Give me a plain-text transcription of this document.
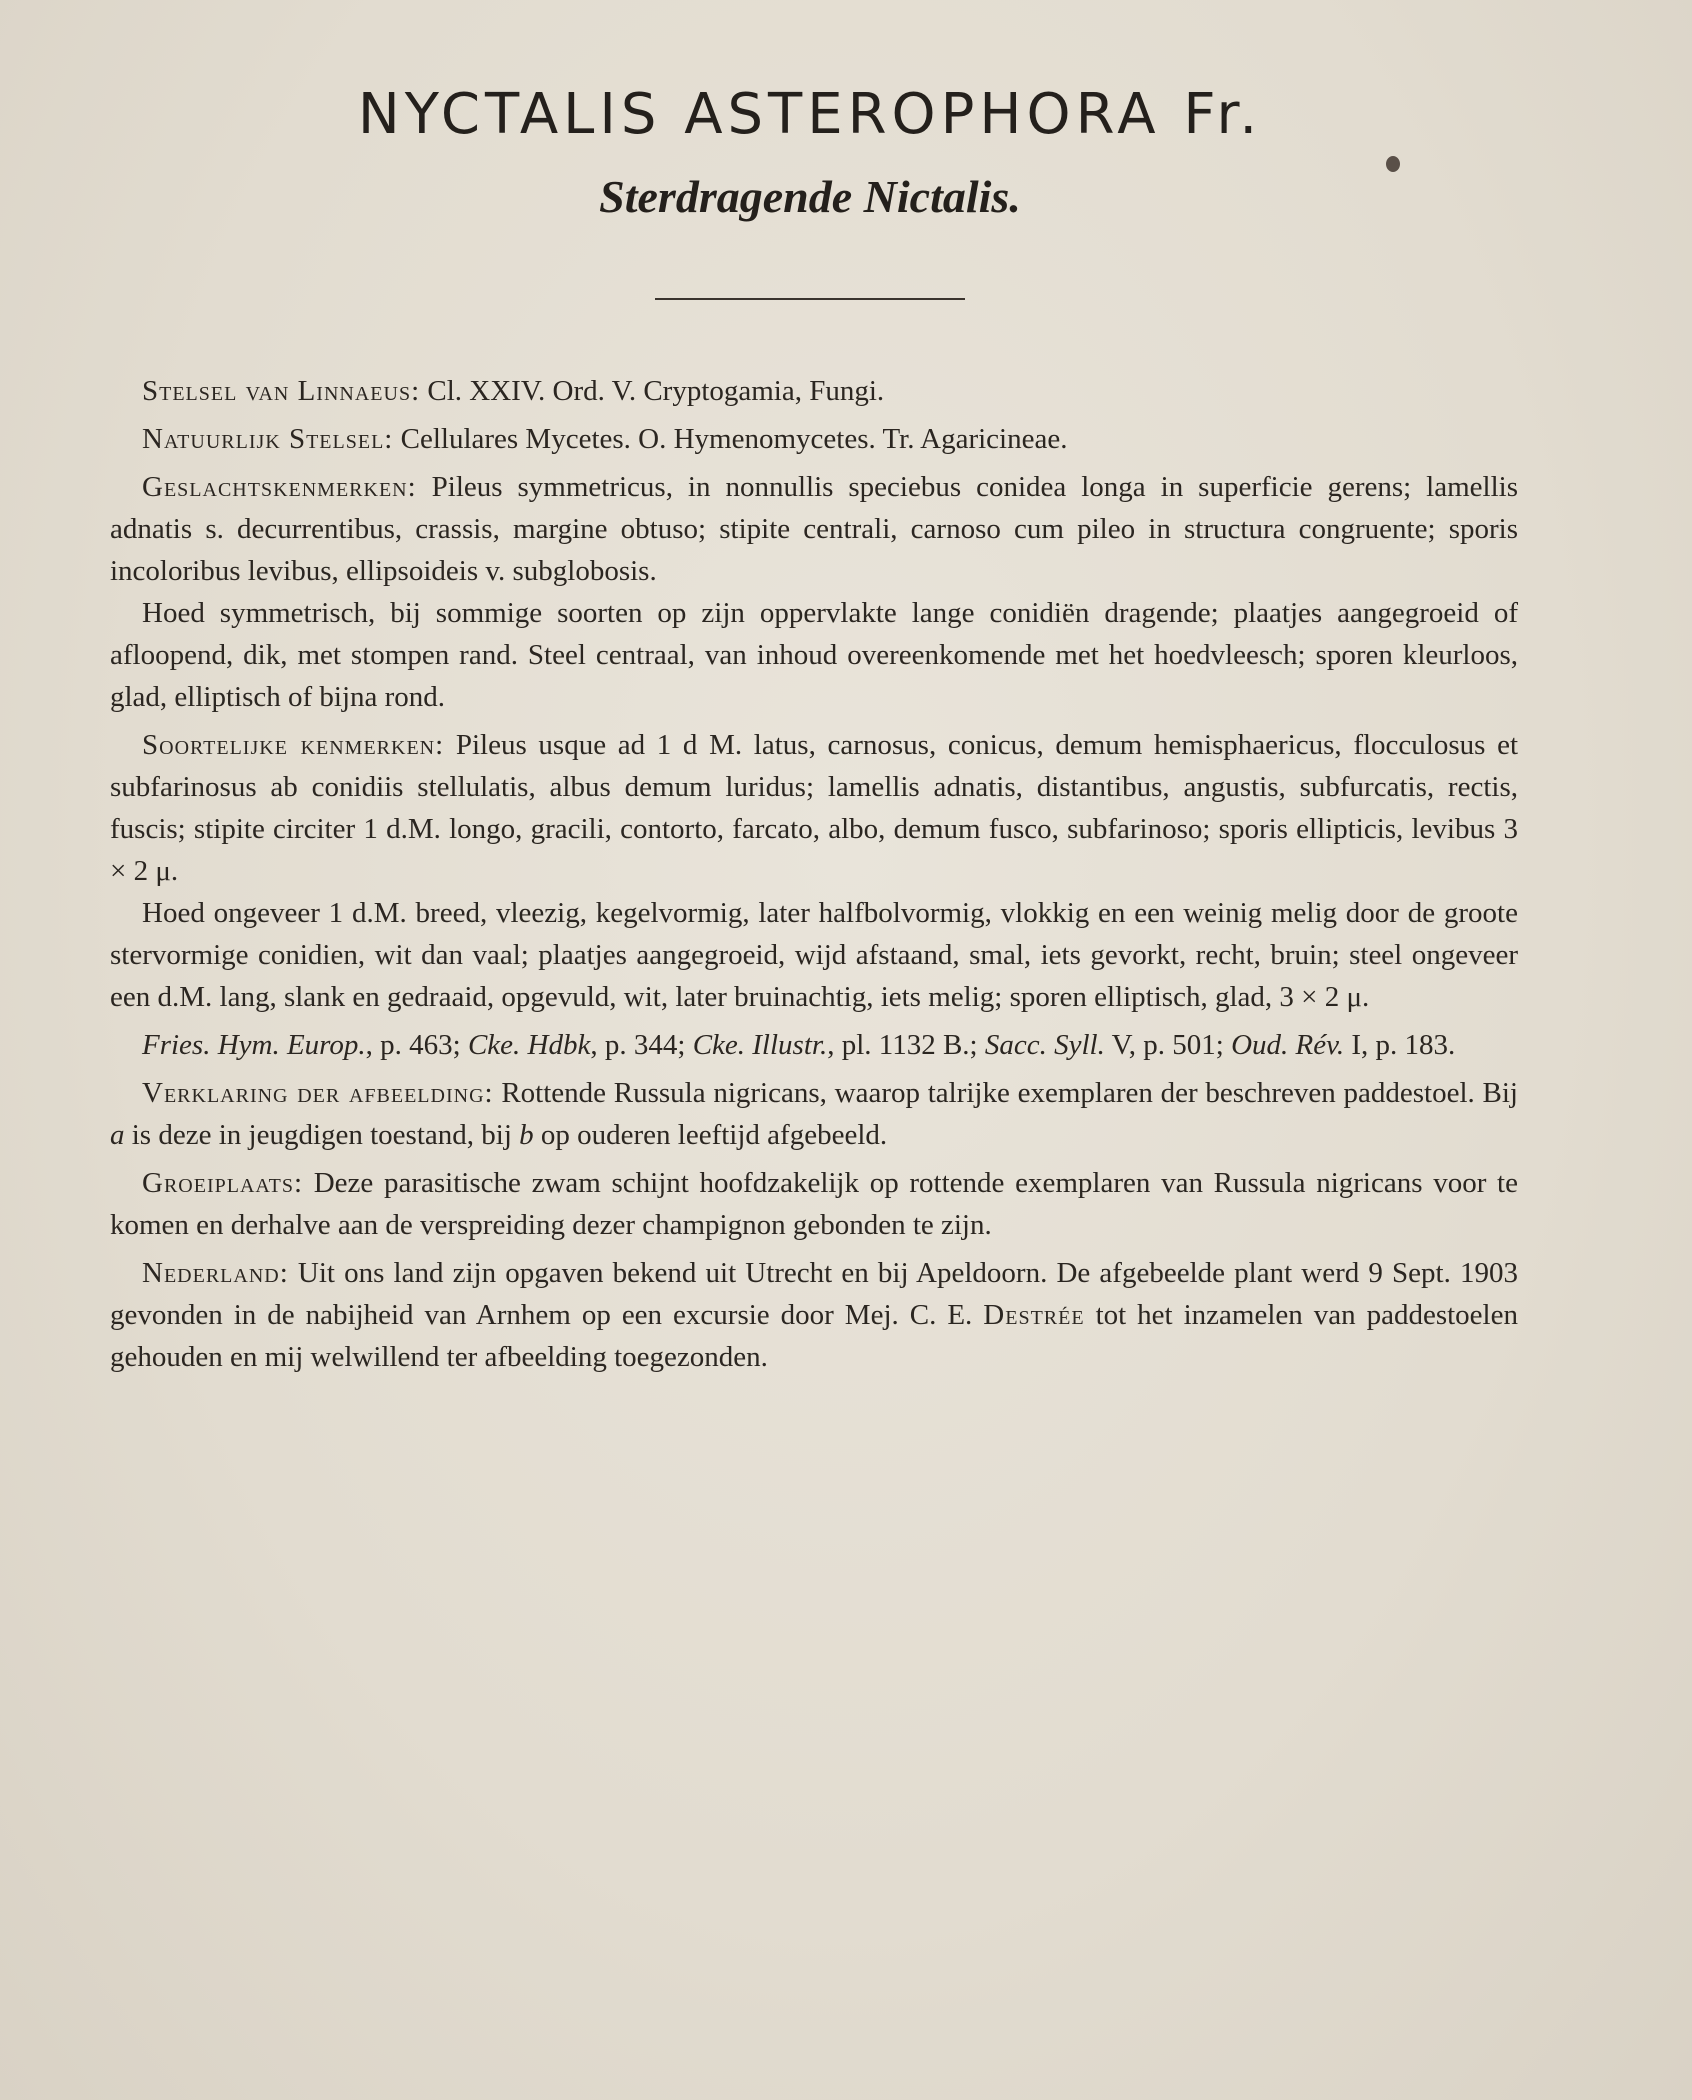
NYCTALIS ASTEROPHORA Fr.
Sterdragende Nictalis.

Stelsel van Linnaeus: Cl. XXIV. Ord. V. Cryptogamia, Fungi.

Natuurlijk Stelsel: Cellulares Mycetes. O. Hymenomycetes. Tr. Agaricineae.

Geslachtskenmerken: Pileus symmetricus, in nonnullis speciebus conidea longa in superficie gerens; lamellis adnatis s. decurrentibus, crassis, margine obtuso; stipite centrali, carnoso cum pileo in structura congruente; sporis incoloribus levibus, ellipsoideis v. subglobosis.

Hoed symmetrisch, bij sommige soorten op zijn oppervlakte lange conidiën dragende; plaatjes aangegroeid of afloopend, dik, met stompen rand. Steel centraal, van inhoud overeenkomende met het hoedvleesch; sporen kleurloos, glad, elliptisch of bijna rond.

Soortelijke kenmerken: Pileus usque ad 1 d M. latus, carnosus, conicus, demum hemisphaericus, flocculosus et subfarinosus ab conidiis stellulatis, albus demum luridus; lamellis adnatis, distantibus, angustis, subfurcatis, rectis, fuscis; stipite circiter 1 d.M. longo, gracili, contorto, farcato, albo, demum fusco, subfarinoso; sporis ellipticis, levibus 3 × 2 μ.

Hoed ongeveer 1 d.M. breed, vleezig, kegelvormig, later halfbolvormig, vlokkig en een weinig melig door de groote stervormige conidien, wit dan vaal; plaatjes aangegroeid, wijd afstaand, smal, iets gevorkt, recht, bruin; steel ongeveer een d.M. lang, slank en gedraaid, opgevuld, wit, later bruinachtig, iets melig; sporen elliptisch, glad, 3 × 2 μ.

Fries. Hym. Europ., p. 463; Cke. Hdbk, p. 344; Cke. Illustr., pl. 1132 B.; Sacc. Syll. V, p. 501; Oud. Rév. I, p. 183.

Verklaring der afbeelding: Rottende Russula nigricans, waarop talrijke exemplaren der beschreven paddestoel. Bij a is deze in jeugdigen toestand, bij b op ouderen leeftijd afgebeeld.

Groeiplaats: Deze parasitische zwam schijnt hoofdzakelijk op rottende exemplaren van Russula nigricans voor te komen en derhalve aan de verspreiding dezer champignon gebonden te zijn.

Nederland: Uit ons land zijn opgaven bekend uit Utrecht en bij Apeldoorn. De afgebeelde plant werd 9 Sept. 1903 gevonden in de nabijheid van Arnhem op een excursie door Mej. C. E. Destrée tot het inzamelen van paddestoelen gehouden en mij welwillend ter afbeelding toegezonden.
